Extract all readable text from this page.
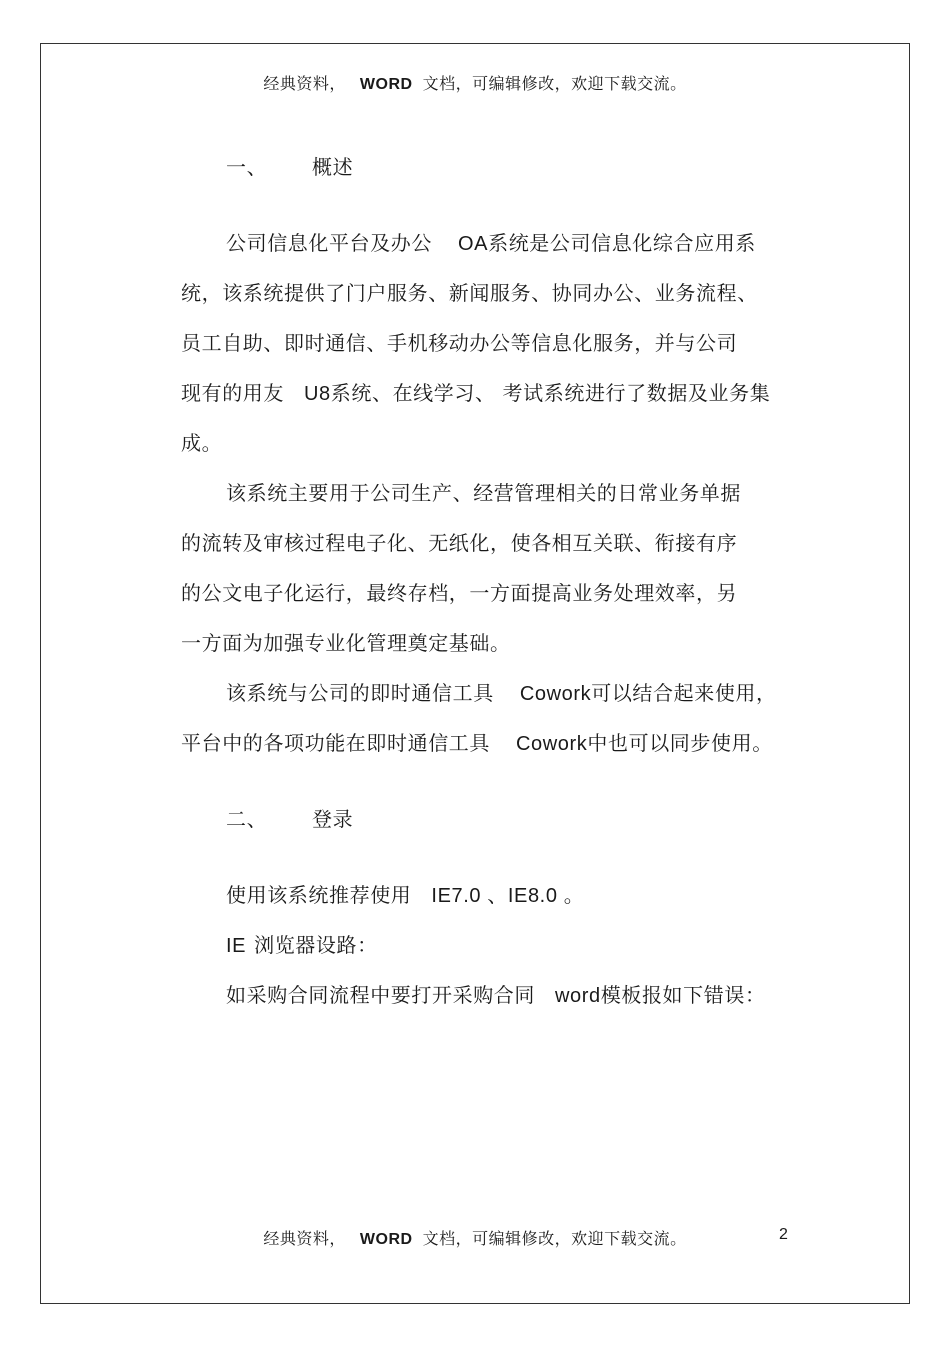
经典资料， WORD 文档，可编辑修改，欢迎下载交流。
一、 概述
公司信息化平台及办公 OA系统是公司信息化综合应用系
统，该系统提供了门户服务、新闻服务、协同办公、业务流程、
员工自助、即时通信、手机移动办公等信息化服务，并与公司
现有的用友 U8系统、在线学习、 考试系统进行了数据及业务集
成。
该系统主要用于公司生产、经营管理相关的日常业务单据
的流转及审核过程电子化、无纸化，使各相互关联、衔接有序
的公文电子化运行，最终存档，一方面提高业务处理效率，另
一方面为加强专业化管理奠定基础。
该系统与公司的即时通信工具 Cowork可以结合起来使用，
平台中的各项功能在即时通信工具 Cowork中也可以同步使用。
二、 登录
使用该系统推荐使用 IE7.0 、IE8.0 。
IE 浏览器设路：
如采购合同流程中要打开采购合同 word模板报如下错误：
经典资料， WORD 文档，可编辑修改，欢迎下载交流。	2
